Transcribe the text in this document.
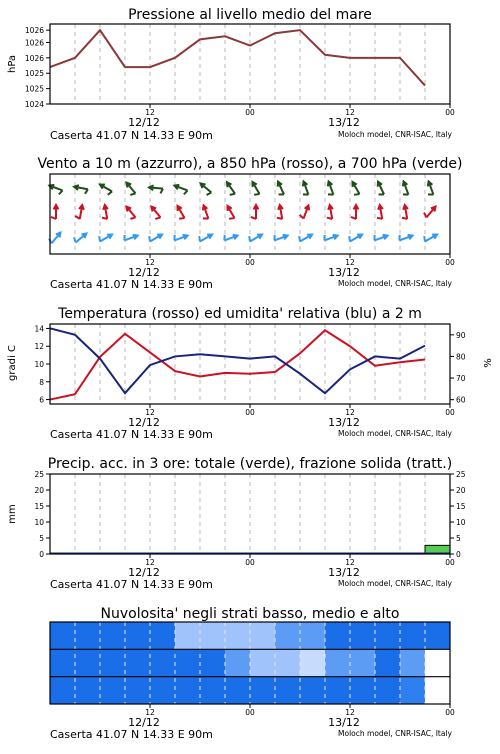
Pressione al livello medio del mare
Vento a 10 m (azzurro), a 850 hPa (rosso), a 700 hPa (verde)
Temperatura (rosso) ed umidita' relativa (blu) a 2 m
Precip. acc. in 3 ore: totale (verde), frazione solida (tratt.)
Nuvolosita' negli strati basso, medio e alto
hPa
gradi C	%
mm
Caserta 41.07 N 14.33 E 90m	Moloch model, CNR-ISAC, Italy
Caserta 41.07 N 14.33 E 90m	Moloch model, CNR-ISAC, Italy
Caserta 41.07 N 14.33 E 90m	Moloch model, CNR-ISAC, Italy
Caserta 41.07 N 14.33 E 90m	Moloch model, CNR-ISAC, Italy
Caserta 41.07 N 14.33 E 90m	Moloch model, CNR-ISAC, Italy
1024
1025
1025
1026
1026
1026
12	00	12	00
12/12	13/12
12	00	12	00
12/12	13/12
6
8
10
12
14
60
70
80
90
12	00	12	00
12/12	13/12
0	0
5	5
10	10
15	15
20	20
25	25
12	00	12	00
12/12	13/12
12	00	12	00
12/12	13/12
